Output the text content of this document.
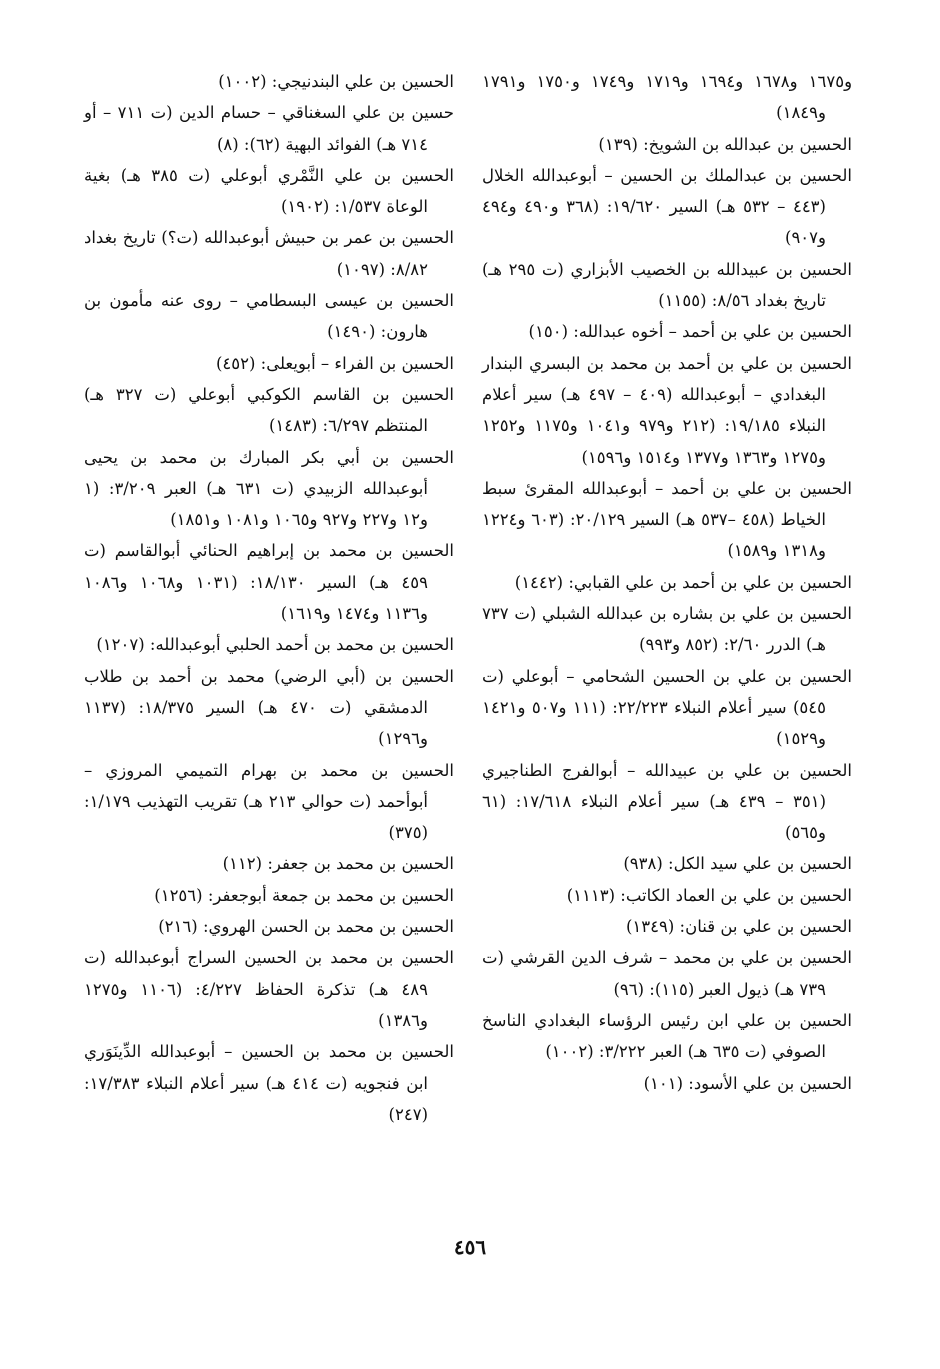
و١٦٧٥ و١٦٧٨ و١٦٩٤ و١٧١٩ و١٧٤٩ و١٧٥٠ و١٧٩١ و١٨٤٩)

الحسين بن عبدالله بن الشويخ: (١٣٩)

الحسين بن عبدالملك بن الحسين – أبوعبدالله الخلال (٤٤٣ – ٥٣٢ هـ) السير ١٩/٦٢٠: (٣٦٨ و٤٩٠ و٤٩٤ و٩٠٧)

الحسين بن عبيدالله بن الخصيب الأبزاري (ت ٢٩٥ هـ) تاريخ بغداد ٨/٥٦: (١١٥٥)

الحسين بن علي بن أحمد – أخوه عبدالله: (١٥٠)

الحسين بن علي بن أحمد بن محمد بن البسري البندار البغدادي – أبوعبدالله (٤٠٩ – ٤٩٧ هـ) سير أعلام النبلاء ١٩/١٨٥: (٢١٢ و٩٧٩ و١٠٤١ و١١٧٥ و١٢٥٢ و١٢٧٥ و١٣٦٣ و١٣٧٧ و١٥١٤ و١٥٩٦)

الحسين بن علي بن أحمد – أبوعبدالله المقرئ سبط الخياط (٤٥٨ –٥٣٧ هـ) السير ٢٠/١٢٩: (٦٠٣ و١٢٢٤ و١٣١٨ و١٥٨٩)

الحسين بن علي بن أحمد بن علي القبابي: (١٤٤٢)

الحسين بن علي بن بشاره بن عبدالله الشبلي (ت ٧٣٧ هـ) الدرر ٢/٦٠: (٨٥٢ و٩٩٣)

الحسين بن علي بن الحسين الشحامي – أبوعلي (ت ٥٤٥) سير أعلام النبلاء ٢٢/٢٢٣: (١١١ و٥٠٧ و١٤٢١ و١٥٢٩)

الحسين بن علي بن عبيدالله – أبوالفرج الطناجيري (٣٥١ – ٤٣٩ هـ) سير أعلام النبلاء ١٧/٦١٨: (٦١ و٥٦٥)

الحسين بن علي سيد الكل: (٩٣٨)

الحسين بن علي بن العماد الكاتب: (١١١٣)

الحسين بن علي بن قنان: (١٣٤٩)

الحسين بن علي بن محمد – شرف الدين القرشي (ت ٧٣٩ هـ) ذيول العبر (١١٥): (٩٦)

الحسين بن علي ابن رئيس الرؤساء البغدادي الناسخ الصوفي (ت ٦٣٥ هـ) العبر ٣/٢٢٢: (١٠٠٢)

الحسين بن علي الأسود: (١٠١)

الحسين بن علي البندنيجي: (١٠٠٢)

حسين بن علي السغناقي – حسام الدين (ت ٧١١ – أو ٧١٤ هـ) الفوائد البهية (٦٢): (٨)

الحسين بن علي النَّمْري أبوعلي (ت ٣٨٥ هـ) بغية الوعاة ١/٥٣٧: (١٩٠٢)

الحسين بن عمر بن حبيش أبوعبدالله (ت؟) تاريخ بغداد ٨/٨٢: (١٠٩٧)

الحسين بن عيسى البسطامي – روى عنه مأمون بن هارون: (١٤٩٠)

الحسين بن الفراء – أبويعلى: (٤٥٢)

الحسين بن القاسم الكوكبي أبوعلي (ت ٣٢٧ هـ) المنتظم ٦/٢٩٧: (١٤٨٣)

الحسين بن أبي بكر المبارك بن محمد بن يحيى أبوعبدالله الزبيدي (ت ٦٣١ هـ) العبر ٣/٢٠٩: (١ و١٢ و٢٢٧ و٩٢٧ و١٠٦٥ و١٠٨١ و١٨٥١)

الحسين بن محمد بن إبراهيم الحنائي أبوالقاسم (ت ٤٥٩ هـ) السير ١٨/١٣٠: (١٠٣١ و١٠٦٨ و١٠٨٦ و١١٣٦ و١٤٧٤ و١٦١٩)

الحسين بن محمد بن أحمد الحلبي أبوعبدالله: (١٢٠٧)

الحسين بن (أبي الرضي) محمد بن أحمد بن طلاب الدمشقي (ت ٤٧٠ هـ) السير ١٨/٣٧٥: (١١٣٧ و١٢٩٦)

الحسين بن محمد بن بهرام التميمي المروزي – أبوأحمد (ت حوالي ٢١٣ هـ) تقريب التهذيب ١/١٧٩: (٣٧٥)

الحسين بن محمد بن جعفر: (١١٢)

الحسين بن محمد بن جمعة أبوجعفر: (١٢٥٦)

الحسين بن محمد بن الحسن الهروي: (٢١٦)

الحسين بن محمد بن الحسين السراج أبوعبدالله (ت ٤٨٩ هـ) تذكرة الحفاظ ٤/٢٢٧: (١١٠٦ و١٢٧٥ و١٣٨٦)

الحسين بن محمد بن الحسين – أبوعبدالله الدِّينَوَري ابن فنجويه (ت ٤١٤ هـ) سير أعلام النبلاء ١٧/٣٨٣: (٢٤٧)

٤٥٦
